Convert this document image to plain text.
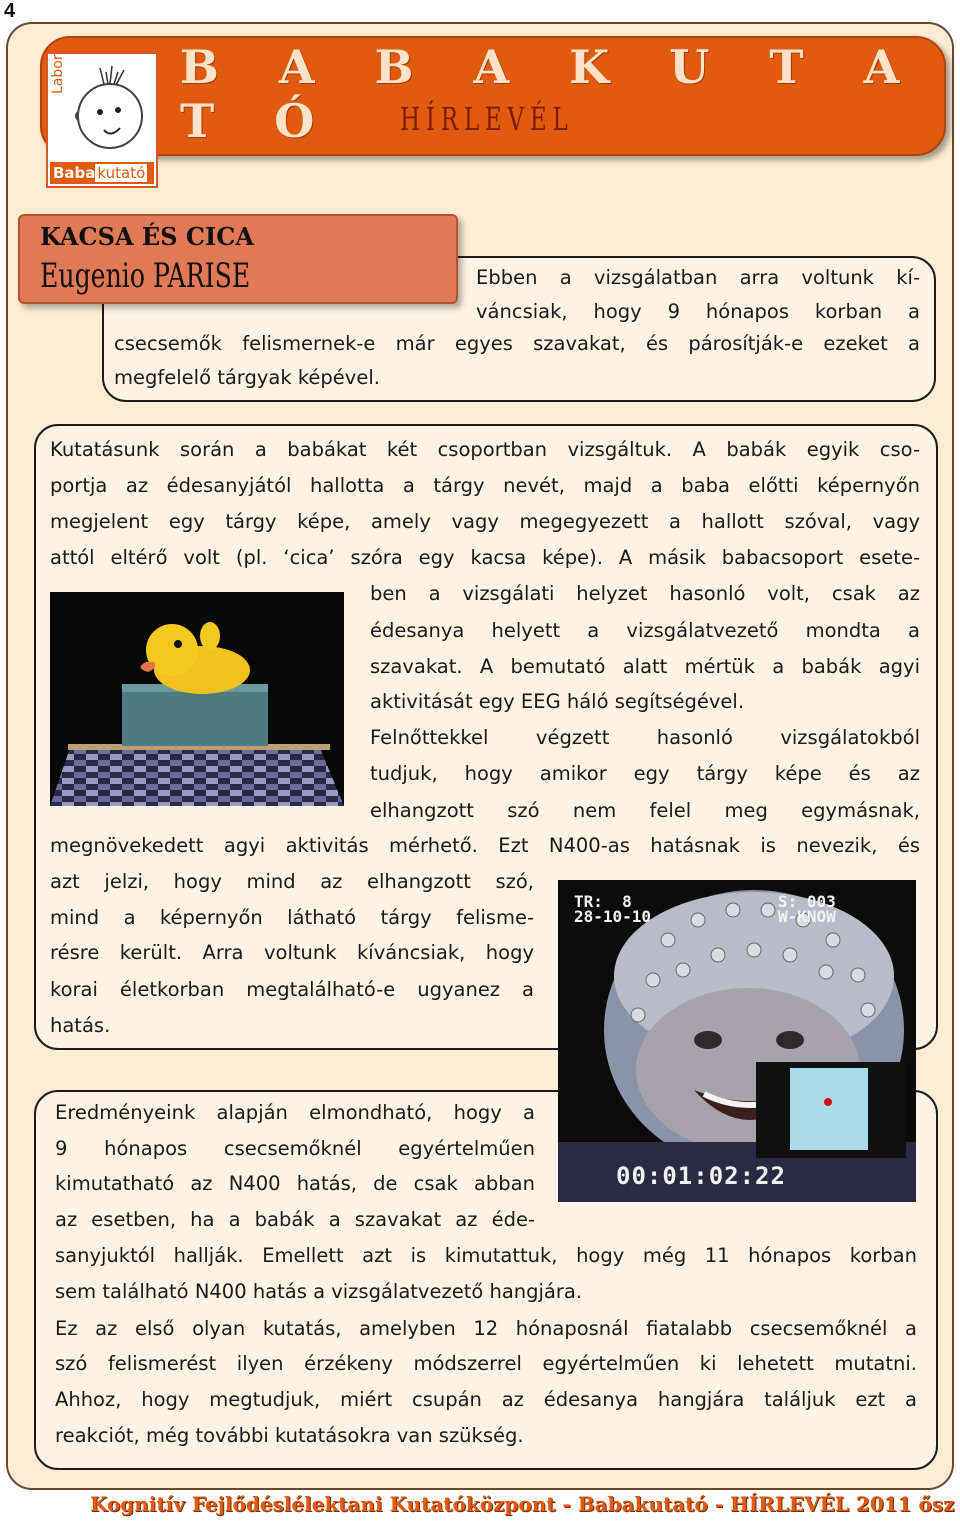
4
Labor
Baba kutató
B A B A K U T A T Ó	HÍRLEVÉL
KACSA ÉS CICA
Eugenio PARISE	Ebben a vizsgálatban arra voltunk kí-
váncsiak, hogy 9 hónapos korban a
csecsemők felismernek-e már egyes szavakat, és párosítják-e ezeket a
megfelelő tárgyak képével.
Kutatásunk során a babákat két csoportban vizsgáltuk. A babák egyik cso-
portja az édesanyjától hallotta a tárgy nevét, majd a baba előtti képernyőn
megjelent egy tárgy képe, amely vagy megegyezett a hallott szóval, vagy
attól eltérő volt (pl. ‘cica’ szóra egy kacsa képe). A másik babacsoport esete-
ben a vizsgálati helyzet hasonló volt, csak az
édesanya helyett a vizsgálatvezető mondta a
szavakat. A bemutató alatt mértük a babák agyi
aktivitását egy EEG háló segítségével.
Felnőttekkel végzett hasonló vizsgálatokból
tudjuk, hogy amikor egy tárgy képe és az
elhangzott szó nem felel meg egymásnak,
megnövekedett agyi aktivitás mérhető. Ezt N400-as hatásnak is nevezik, és
azt jelzi, hogy mind az elhangzott szó,
mind a képernyőn látható tárgy felisme-
résre került. Arra voltunk kíváncsiak, hogy
korai életkorban megtalálható-e ugyanez a
hatás.
Eredményeink alapján elmondható, hogy a
9 hónapos csecsemőknél egyértelműen
kimutatható az N400 hatás, de csak abban
az esetben, ha a babák a szavakat az éde-
sanyjuktól hallják. Emellett azt is kimutattuk, hogy még 11 hónapos korban
sem található N400 hatás a vizsgálatvezető hangjára.
Ez az első olyan kutatás, amelyben 12 hónaposnál fiatalabb csecsemőknél a
szó felismerést ilyen érzékeny módszerrel egyértelműen ki lehetett mutatni.
Ahhoz, hogy megtudjuk, miért csupán az édesanya hangjára találjuk ezt a
reakciót, még további kutatásokra van szükség.
TR:  8
28-10-10
S: 003
W-KNOW
00:01:02:22
Kognitív Fejlődéslélektani Kutatóközpont - Babakutató - HÍRLEVÉL 2011 ősz
